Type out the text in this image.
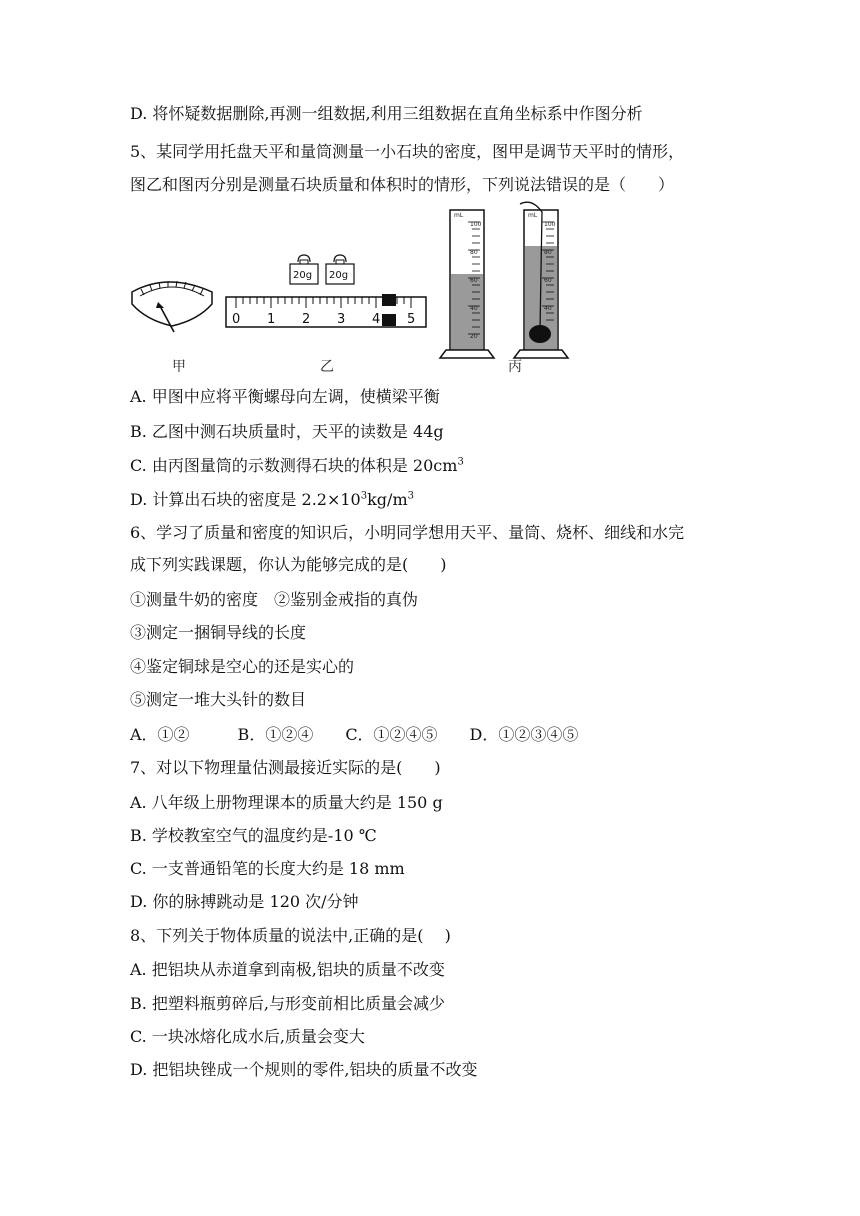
D. 将怀疑数据删除,再测一组数据,利用三组数据在直角坐标系中作图分析
5、某同学用托盘天平和量筒测量一小石块的密度，图甲是调节天平时的情形，
图乙和图丙分别是测量石块质量和体积时的情形，下列说法错误的是（　　）
甲
20g 20g
0 1 2 3 4 5
乙
mL
100
80
60
40
20
mL
100
80
60
40
丙
A. 甲图中应将平衡螺母向左调，使横梁平衡
B. 乙图中测石块质量时，天平的读数是 44g
C. 由丙图量筒的示数测得石块的体积是 $20cm^3$
D. 计算出石块的密度是 $2.2\times 10^3kg/m^3$
6、学习了质量和密度的知识后，小明同学想用天平、量筒、烧杯、细线和水完
成下列实践课题，你认为能够完成的是(　　)
①测量牛奶的密度　②鉴别金戒指的真伪
③测定一捆铜导线的长度
④鉴定铜球是空心的还是实心的
⑤测定一堆大头针的数目
A．①②　　　B．①②④　　C．①②④⑤　　D．①②③④⑤
7、对以下物理量估测最接近实际的是(　　)
A. 八年级上册物理课本的质量大约是 150 g
B. 学校教室空气的温度约是-10 ℃
C. 一支普通铅笔的长度大约是 18 mm
D. 你的脉搏跳动是 120 次/分钟
8、下列关于物体质量的说法中,正确的是(　 )
A. 把铝块从赤道拿到南极,铝块的质量不改变
B. 把塑料瓶剪碎后,与形变前相比质量会减少
C. 一块冰熔化成水后,质量会变大
D. 把铝块锉成一个规则的零件,铝块的质量不改变
